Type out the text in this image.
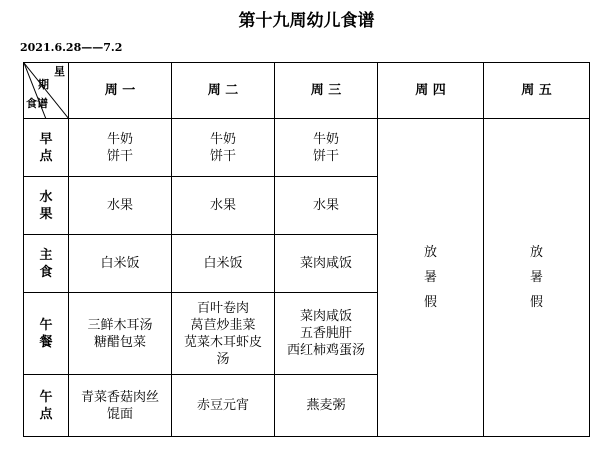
第十九周幼儿食谱
2021.6.28——7.2
星
期
食谱	周 一	周 二	周 三	周 四	周 五

早
点	牛奶
饼干	牛奶
饼干	牛奶
饼干	放
暑
假	放
暑
假

水
果	水果	水果	水果		

主
食	白米饭	白米饭	菜肉咸饭		

午
餐	三鲜木耳汤
糖醋包菜	百叶卷肉
莴苣炒韭菜
苋菜木耳虾皮
汤	菜肉咸饭
五香肫肝
西红柿鸡蛋汤		

午
点	青菜香菇肉丝
馄面	赤豆元宵	燕麦粥		
